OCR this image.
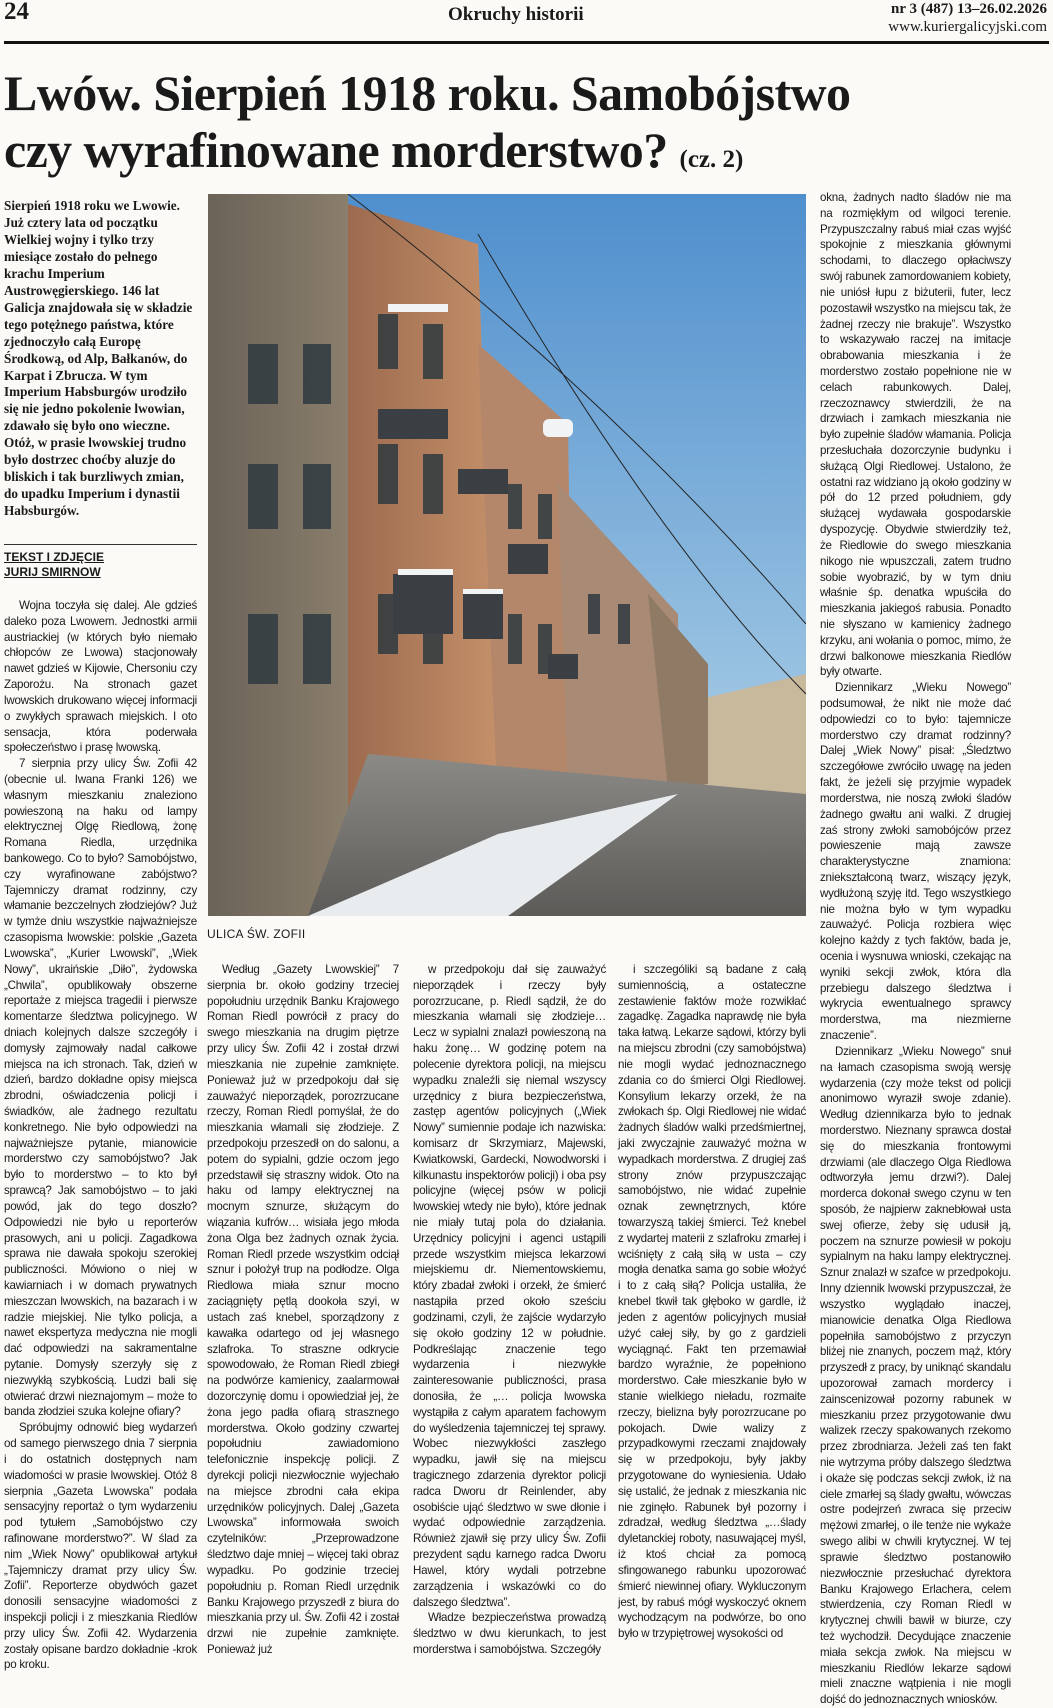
24	Okruchy historii	nr 3 (487) 13–26.02.2026
www.kuriergalicyjski.com
Lwów. Sierpień 1918 roku. Samobójstwo
czy wyrafinowane morderstwo? (cz. 2)
Sierpień 1918 roku we Lwowie. Już cztery lata od początku Wielkiej wojny i tylko trzy miesiące zostało do pełnego krachu Imperium Austrowęgierskiego. 146 lat Galicja znajdowała się w składzie tego potężnego państwa, które zjednoczyło całą Europę Środkową, od Alp, Bałkanów, do Karpat i Zbrucza. W tym Imperium Habsburgów urodziło się nie jedno pokolenie lwowian, zdawało się było ono wieczne. Otóż, w prasie lwowskiej trudno było dostrzec choćby aluzje do bliskich i tak burzliwych zmian, do upadku Imperium i dynastii Habsburgów.
TEKST I ZDJĘCIE
JURIJ SMIRNOW

Wojna toczyła się dalej. Ale gdzieś daleko poza Lwowem. Jednostki armii austriackiej (w których było niemało chłopców ze Lwowa) stacjonowały nawet gdzieś w Kijowie, Chersoniu czy Zaporożu. Na stronach gazet lwowskich drukowano więcej informacji o zwykłych sprawach miejskich. I oto sensacja, która poderwała społeczeństwo i prasę lwowską.

7 sierpnia przy ulicy Św. Zofii 42 (obecnie ul. Iwana Franki 126) we własnym mieszkaniu znaleziono powieszoną na haku od lampy elektrycznej Olgę Riedlową, żonę Romana Riedla, urzędnika bankowego. Co to było? Samobójstwo, czy wyrafinowane zabójstwo? Tajemniczy dramat rodzinny, czy włamanie bezczelnych złodziejów? Już w tymże dniu wszystkie najważniejsze czasopisma lwowskie: polskie „Gazeta Lwowska”, „Kurier Lwowski”, „Wiek Nowy”, ukraińskie „Diło”, żydowska „Chwila”, opublikowały obszerne reportaże z miejsca tragedii i pierwsze komentarze śledztwa policyjnego. W dniach kolejnych dalsze szczegóły i domysły zajmowały nadal całkowe miejsca na ich stronach. Tak, dzień w dzień, bardzo dokładne opisy miejsca zbrodni, oświadczenia policji i świadków, ale żadnego rezultatu konkretnego. Nie było odpowiedzi na najważniejsze pytanie, mianowicie morderstwo czy samobójstwo? Jak było to morderstwo – to kto był sprawcą? Jak samobójstwo – to jaki powód, jak do tego doszło? Odpowiedzi nie było u reporterów prasowych, ani u policji. Zagadkowa sprawa nie dawała spokoju szerokiej publiczności. Mówiono o niej w kawiarniach i w domach prywatnych mieszczan lwowskich, na bazarach i w radzie miejskiej. Nie tylko policja, a nawet ekspertyza medyczna nie mogli dać odpowiedzi na sakramentalne pytanie. Domysły szerzyły się z niezwykłą szybkością. Ludzi bali się otwierać drzwi nieznajomym – może to banda złodziei szuka kolejne ofiary?

Spróbujmy odnowić bieg wydarzeń od samego pierwszego dnia 7 sierpnia i do ostatnich dostępnych nam wiadomości w prasie lwowskiej. Otóż 8 sierpnia „Gazeta Lwowska” podała sensacyjny reportaż o tym wydarzeniu pod tytułem „Samobójstwo czy rafinowane morderstwo?”. W ślad za nim „Wiek Nowy” opublikował artykuł „Tajemniczy dramat przy ulicy Św. Zofii”. Reporterze obydwóch gazet donosili sensacyjne wiadomości z inspekcji policji i z mieszkania Riedlów przy ulicy Św. Zofii 42. Wydarzenia zostały opisane bardzo dokładnie -krok po kroku.

ULICA ŚW. ZOFII

Według „Gazety Lwowskiej” 7 sierpnia br. około godziny trzeciej popołudniu urzędnik Banku Krajowego Roman Riedl powrócił z pracy do swego mieszkania na drugim piętrze przy ulicy Św. Zofii 42 i został drzwi mieszkania nie zupełnie zamknięte. Ponieważ już w przedpokoju dał się zauważyć nieporządek, porozrzucane rzeczy, Roman Riedl pomyślał, że do mieszkania włamali się złodzieje. Z przedpokoju przeszedł on do salonu, a potem do sypialni, gdzie oczom jego przedstawił się straszny widok. Oto na haku od lampy elektrycznej na mocnym sznurze, służącym do wiązania kufrów… wisiała jego młoda żona Olga bez żadnych oznak życia. Roman Riedl przede wszystkim odciął sznur i położył trup na podłodze. Olga Riedlowa miała sznur mocno zaciągnięty pętlą dookoła szyi, w ustach zaś knebel, sporządzony z kawałka odartego od jej własnego szlafroka. To straszne odkrycie spowodowało, że Roman Riedl zbiegł na podwórze kamienicy, zaalarmował dozorczynię domu i opowiedział jej, że żona jego padła ofiarą strasznego morderstwa. Około godziny czwartej popołudniu zawiadomiono telefonicznie inspekcję policji. Z dyrekcji policji niezwłocznie wyjechało na miejsce zbrodni cała ekipa urzędników policyjnych. Dalej „Gazeta Lwowska” informowała swoich czytelników: „Przeprowadzone śledztwo daje mniej – więcej taki obraz wypadku. Po godzinie trzeciej popołudniu p. Roman Riedl urzędnik Banku Krajowego przyszedł z biura do mieszkania przy ul. Św. Zofii 42 i został drzwi nie zupełnie zamknięte. Ponieważ już

w przedpokoju dał się zauważyć nieporządek i rzeczy były porozrzucane, p. Riedl sądził, że do mieszkania włamali się złodzieje… Lecz w sypialni znalazł powieszoną na haku żonę… W godzinę potem na polecenie dyrektora policji, na miejscu wypadku znaleźli się niemal wszyscy urzędnicy z biura bezpieczeństwa, zastęp agentów policyjnych („Wiek Nowy” sumiennie podaje ich nazwiska: komisarz dr Skrzymiarz, Majewski, Kwiatkowski, Gardecki, Nowodworski i kilkunastu inspektorów policji) i oba psy policyjne (więcej psów w policji lwowskiej wtedy nie było), które jednak nie miały tutaj pola do działania. Urzędnicy policyjni i agenci ustąpili przede wszystkim miejsca lekarzowi miejskiemu dr. Niementowskiemu, który zbadał zwłoki i orzekł, że śmierć nastąpiła przed około sześciu godzinami, czyli, że zajście wydarzyło się około godziny 12 w południe. Podkreślając znaczenie tego wydarzenia i niezwykłe zainteresowanie publiczności, prasa donosiła, że „… policja lwowska wystąpiła z całym aparatem fachowym do wyśledzenia tajemniczej tej sprawy. Wobec niezwykłości zaszłego wypadku, jawił się na miejscu tragicznego zdarzenia dyrektor policji radca Dworu dr Reinlender, aby osobiście ująć śledztwo w swe dłonie i wydać odpowiednie zarządzenia. Również zjawił się przy ulicy Św. Zofii prezydent sądu karnego radca Dworu Hawel, który wydali potrzebne zarządzenia i wskazówki co do dalszego śledztwa”.

Władze bezpieczeństwa prowadzą śledztwo w dwu kierunkach, to jest morderstwa i samobójstwa. Szczegóły

i szczególiki są badane z całą sumiennością, a ostateczne zestawienie faktów może rozwikłać zagadkę. Zagadka naprawdę nie była taka łatwą. Lekarze sądowi, którzy byli na miejscu zbrodni (czy samobójstwa) nie mogli wydać jednoznacznego zdania co do śmierci Olgi Riedlowej. Konsylium lekarzy orzekł, że na zwłokach śp. Olgi Riedlowej nie widać żadnych śladów walki przedśmiertnej, jaki zwyczajnie zauważyć można w wypadkach morderstwa. Z drugiej zaś strony znów przypuszczając samobójstwo, nie widać zupełnie oznak zewnętrznych, które towarzyszą takiej śmierci. Też knebel z wydartej materii z szlafroku zmarłej i wciśnięty z całą siłą w usta – czy mogła denatka sama go sobie włożyć i to z całą siłą? Policja ustaliła, że knebel tkwił tak głęboko w gardle, iż jeden z agentów policyjnych musiał użyć całej siły, by go z gardzieli wyciągnąć. Fakt ten przemawiał bardzo wyraźnie, że popełniono morderstwo. Całe mieszkanie było w stanie wielkiego nieładu, rozmaite rzeczy, bielizna były porozrzucane po pokojach. Dwie walizy z przypadkowymi rzeczami znajdowały się w przedpokoju, były jakby przygotowane do wyniesienia. Udało się ustalić, że jednak z mieszkania nic nie zginęło. Rabunek był pozorny i zdradzał, według śledztwa „…ślady dyletanckiej roboty, nasuwającej myśl, iż ktoś chciał za pomocą sfingowanego rabunku upozorować śmierć niewinnej ofiary. Wykluczonym jest, by rabuś mógł wyskoczyć oknem wychodzącym na podwórze, bo ono było w trzypiętrowej wysokości od

okna, żadnych nadto śladów nie ma na rozmiękłym od wilgoci terenie. Przypuszczalny rabuś miał czas wyjść spokojnie z mieszkania głównymi schodami, to dlaczego opłaciwszy swój rabunek zamordowaniem kobiety, nie uniósł łupu z biżuterii, futer, lecz pozostawił wszystko na miejscu tak, że żadnej rzeczy nie brakuje”. Wszystko to wskazywało raczej na imitacje obrabowania mieszkania i że morderstwo zostało popełnione nie w celach rabunkowych. Dalej, rzeczoznawcy stwierdzili, że na drzwiach i zamkach mieszkania nie było zupełnie śladów włamania. Policja przesłuchała dozorczynie budynku i służącą Olgi Riedlowej. Ustalono, że ostatni raz widziano ją około godziny w pół do 12 przed południem, gdy służącej wydawała gospodarskie dyspozycję. Obydwie stwierdziły też, że Riedlowie do swego mieszkania nikogo nie wpuszczali, zatem trudno sobie wyobrazić, by w tym dniu właśnie śp. denatka wpuściła do mieszkania jakiegoś rabusia. Ponadto nie słyszano w kamienicy żadnego krzyku, ani wołania o pomoc, mimo, że drzwi balkonowe mieszkania Riedlów były otwarte.

Dziennikarz „Wieku Nowego” podsumował, że nikt nie może dać odpowiedzi co to było: tajemnicze morderstwo czy dramat rodzinny? Dalej „Wiek Nowy” pisał: „Śledztwo szczegółowe zwróciło uwagę na jeden fakt, że jeżeli się przyjmie wypadek morderstwa, nie noszą zwłoki śladów żadnego gwałtu ani walki. Z drugiej zaś strony zwłoki samobójców przez powieszenie mają zawsze charakterystyczne znamiona: zniekształconą twarz, wiszący język, wydłużoną szyję itd. Tego wszystkiego nie można było w tym wypadku zauważyć. Policja rozbiera więc kolejno każdy z tych faktów, bada je, ocenia i wysnuwa wnioski, czekając na wyniki sekcji zwłok, która dla przebiegu dalszego śledztwa i wykrycia ewentualnego sprawcy morderstwa, ma niezmierne znaczenie”.

Dziennikarz „Wieku Nowego” snuł na łamach czasopisma swoją wersję wydarzenia (czy może tekst od policji anonimowo wyraził swoje zdanie). Według dziennikarza było to jednak morderstwo. Nieznany sprawca dostał się do mieszkania frontowymi drzwiami (ale dlaczego Olga Riedlowa odtworzyła jemu drzwi?). Dalej morderca dokonał swego czynu w ten sposób, że najpierw zaknebłował usta swej ofierze, żeby się udusił ją, poczem na sznurze powiesił w pokoju sypialnym na haku lampy elektrycznej. Sznur znalazł w szafce w przedpokoju. Inny dziennik lwowski przypuszczał, że wszystko wyglądało inaczej, mianowicie denatka Olga Riedlowa popełniła samobójstwo z przyczyn bliżej nie znanych, poczem mąż, który przyszedł z pracy, by uniknąć skandalu upozorował zamach mordercy i zainscenizował pozorny rabunek w mieszkaniu przez przygotowanie dwu walizek rzeczy spakowanych rzekomo przez zbrodniarza. Jeżeli zaś ten fakt nie wytrzyma próby dalszego śledztwa i okaże się podczas sekcji zwłok, iż na ciele zmarłej są ślady gwałtu, wówczas ostre podejrzeń zwraca się przeciw mężowi zmarłej, o ile tenże nie wykaże swego alibi w chwili krytycznej. W tej sprawie śledztwo postanowiło niezwłocznie przesłuchać dyrektora Banku Krajowego Erlachera, celem stwierdzenia, czy Roman Riedl w krytycznej chwili bawił w biurze, czy też wychodził. Decydujące znaczenie miała sekcja zwłok. Na miejscu w mieszkaniu Riedlów lekarze sądowi mieli znaczne wątpienia i nie mogli dojść do jednoznacznych wniosków.
